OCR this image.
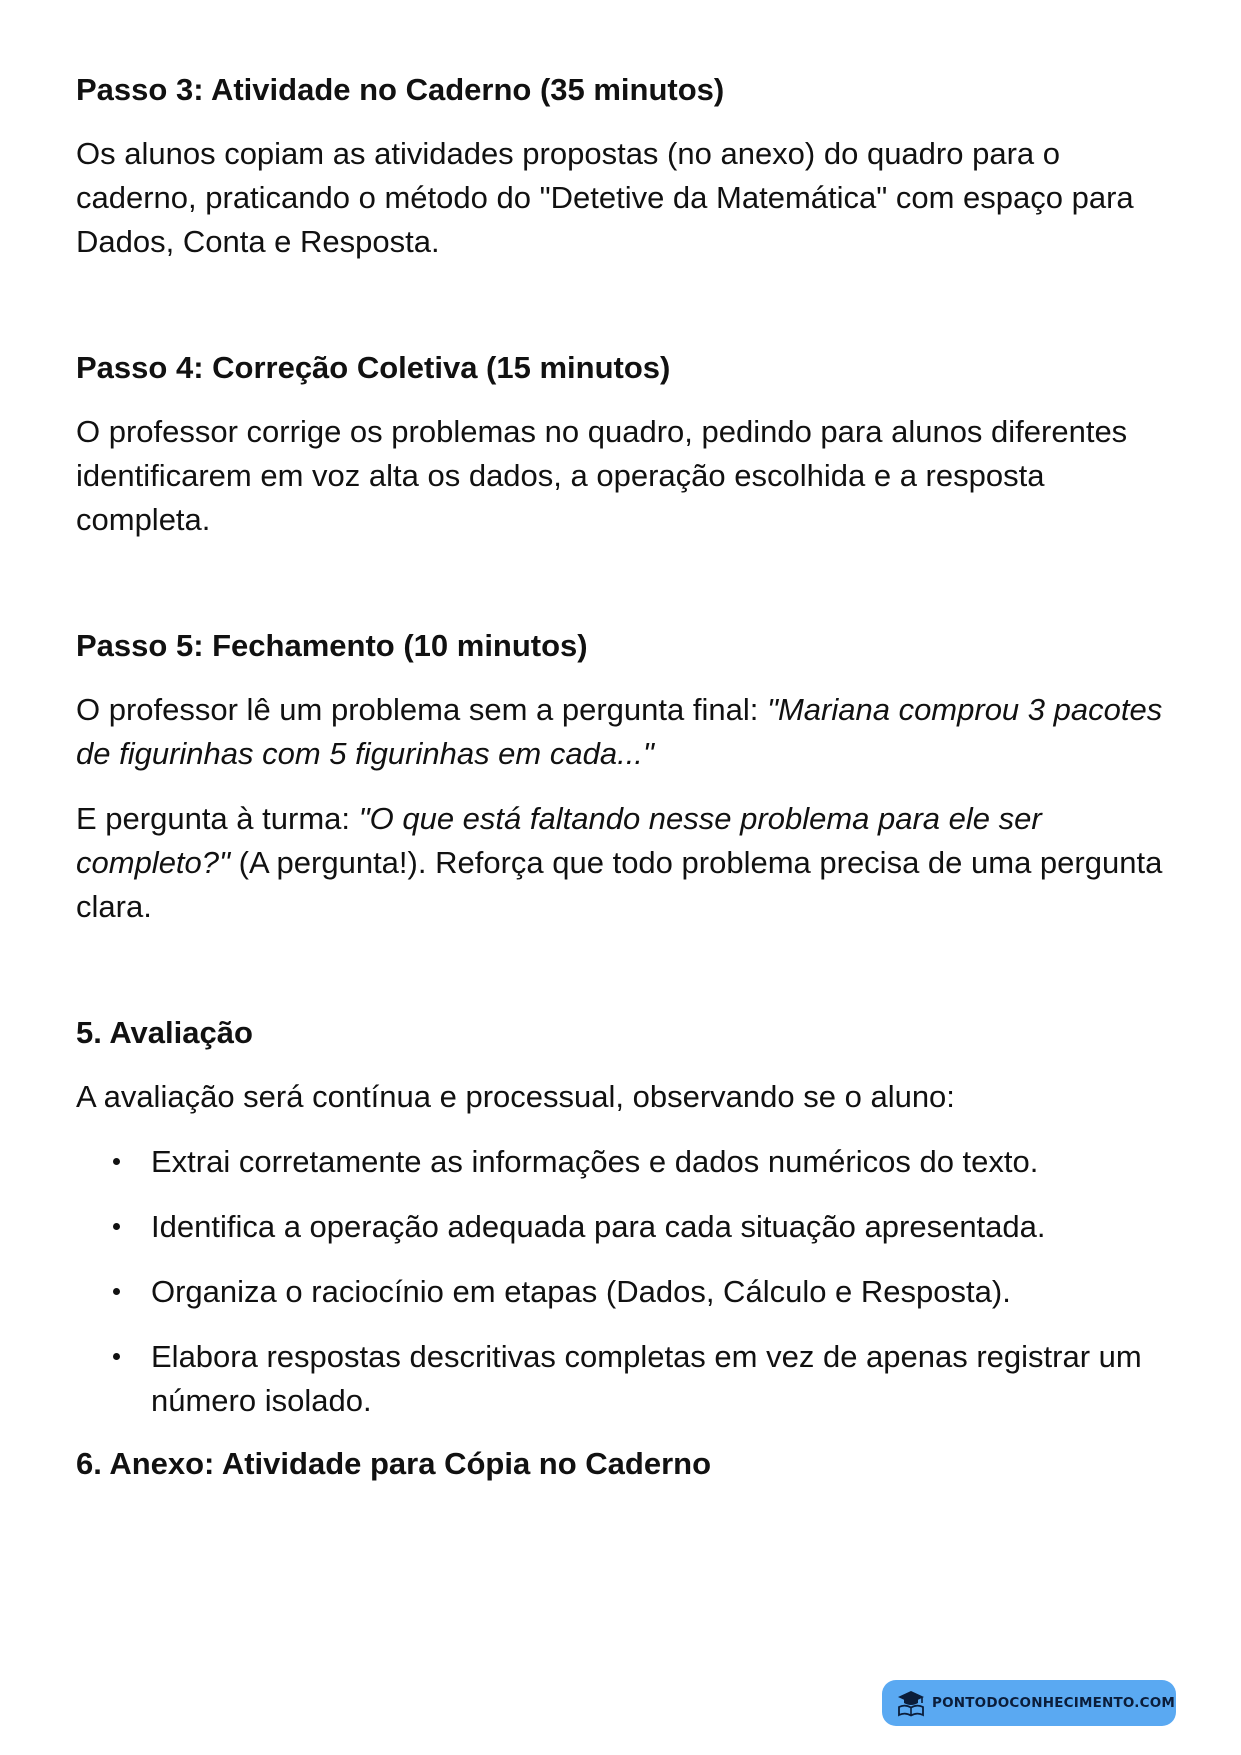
Passo 3: Atividade no Caderno (35 minutos)

Os alunos copiam as atividades propostas (no anexo) do quadro para o caderno, praticando o método do "Detetive da Matemática" com espaço para Dados, Conta e Resposta.

Passo 4: Correção Coletiva (15 minutos)

O professor corrige os problemas no quadro, pedindo para alunos diferentes identificarem em voz alta os dados, a operação escolhida e a resposta completa.

Passo 5: Fechamento (10 minutos)

O professor lê um problema sem a pergunta final: "Mariana comprou 3 pacotes de figurinhas com 5 figurinhas em cada..."

E pergunta à turma: "O que está faltando nesse problema para ele ser completo?" (A pergunta!). Reforça que todo problema precisa de uma pergunta clara.

5. Avaliação

A avaliação será contínua e processual, observando se o aluno:

Extrai corretamente as informações e dados numéricos do texto.
Identifica a operação adequada para cada situação apresentada.
Organiza o raciocínio em etapas (Dados, Cálculo e Resposta).
Elabora respostas descritivas completas em vez de apenas registrar um número isolado.
6. Anexo: Atividade para Cópia no Caderno
PONTODOCONHECIMENTO.COM
